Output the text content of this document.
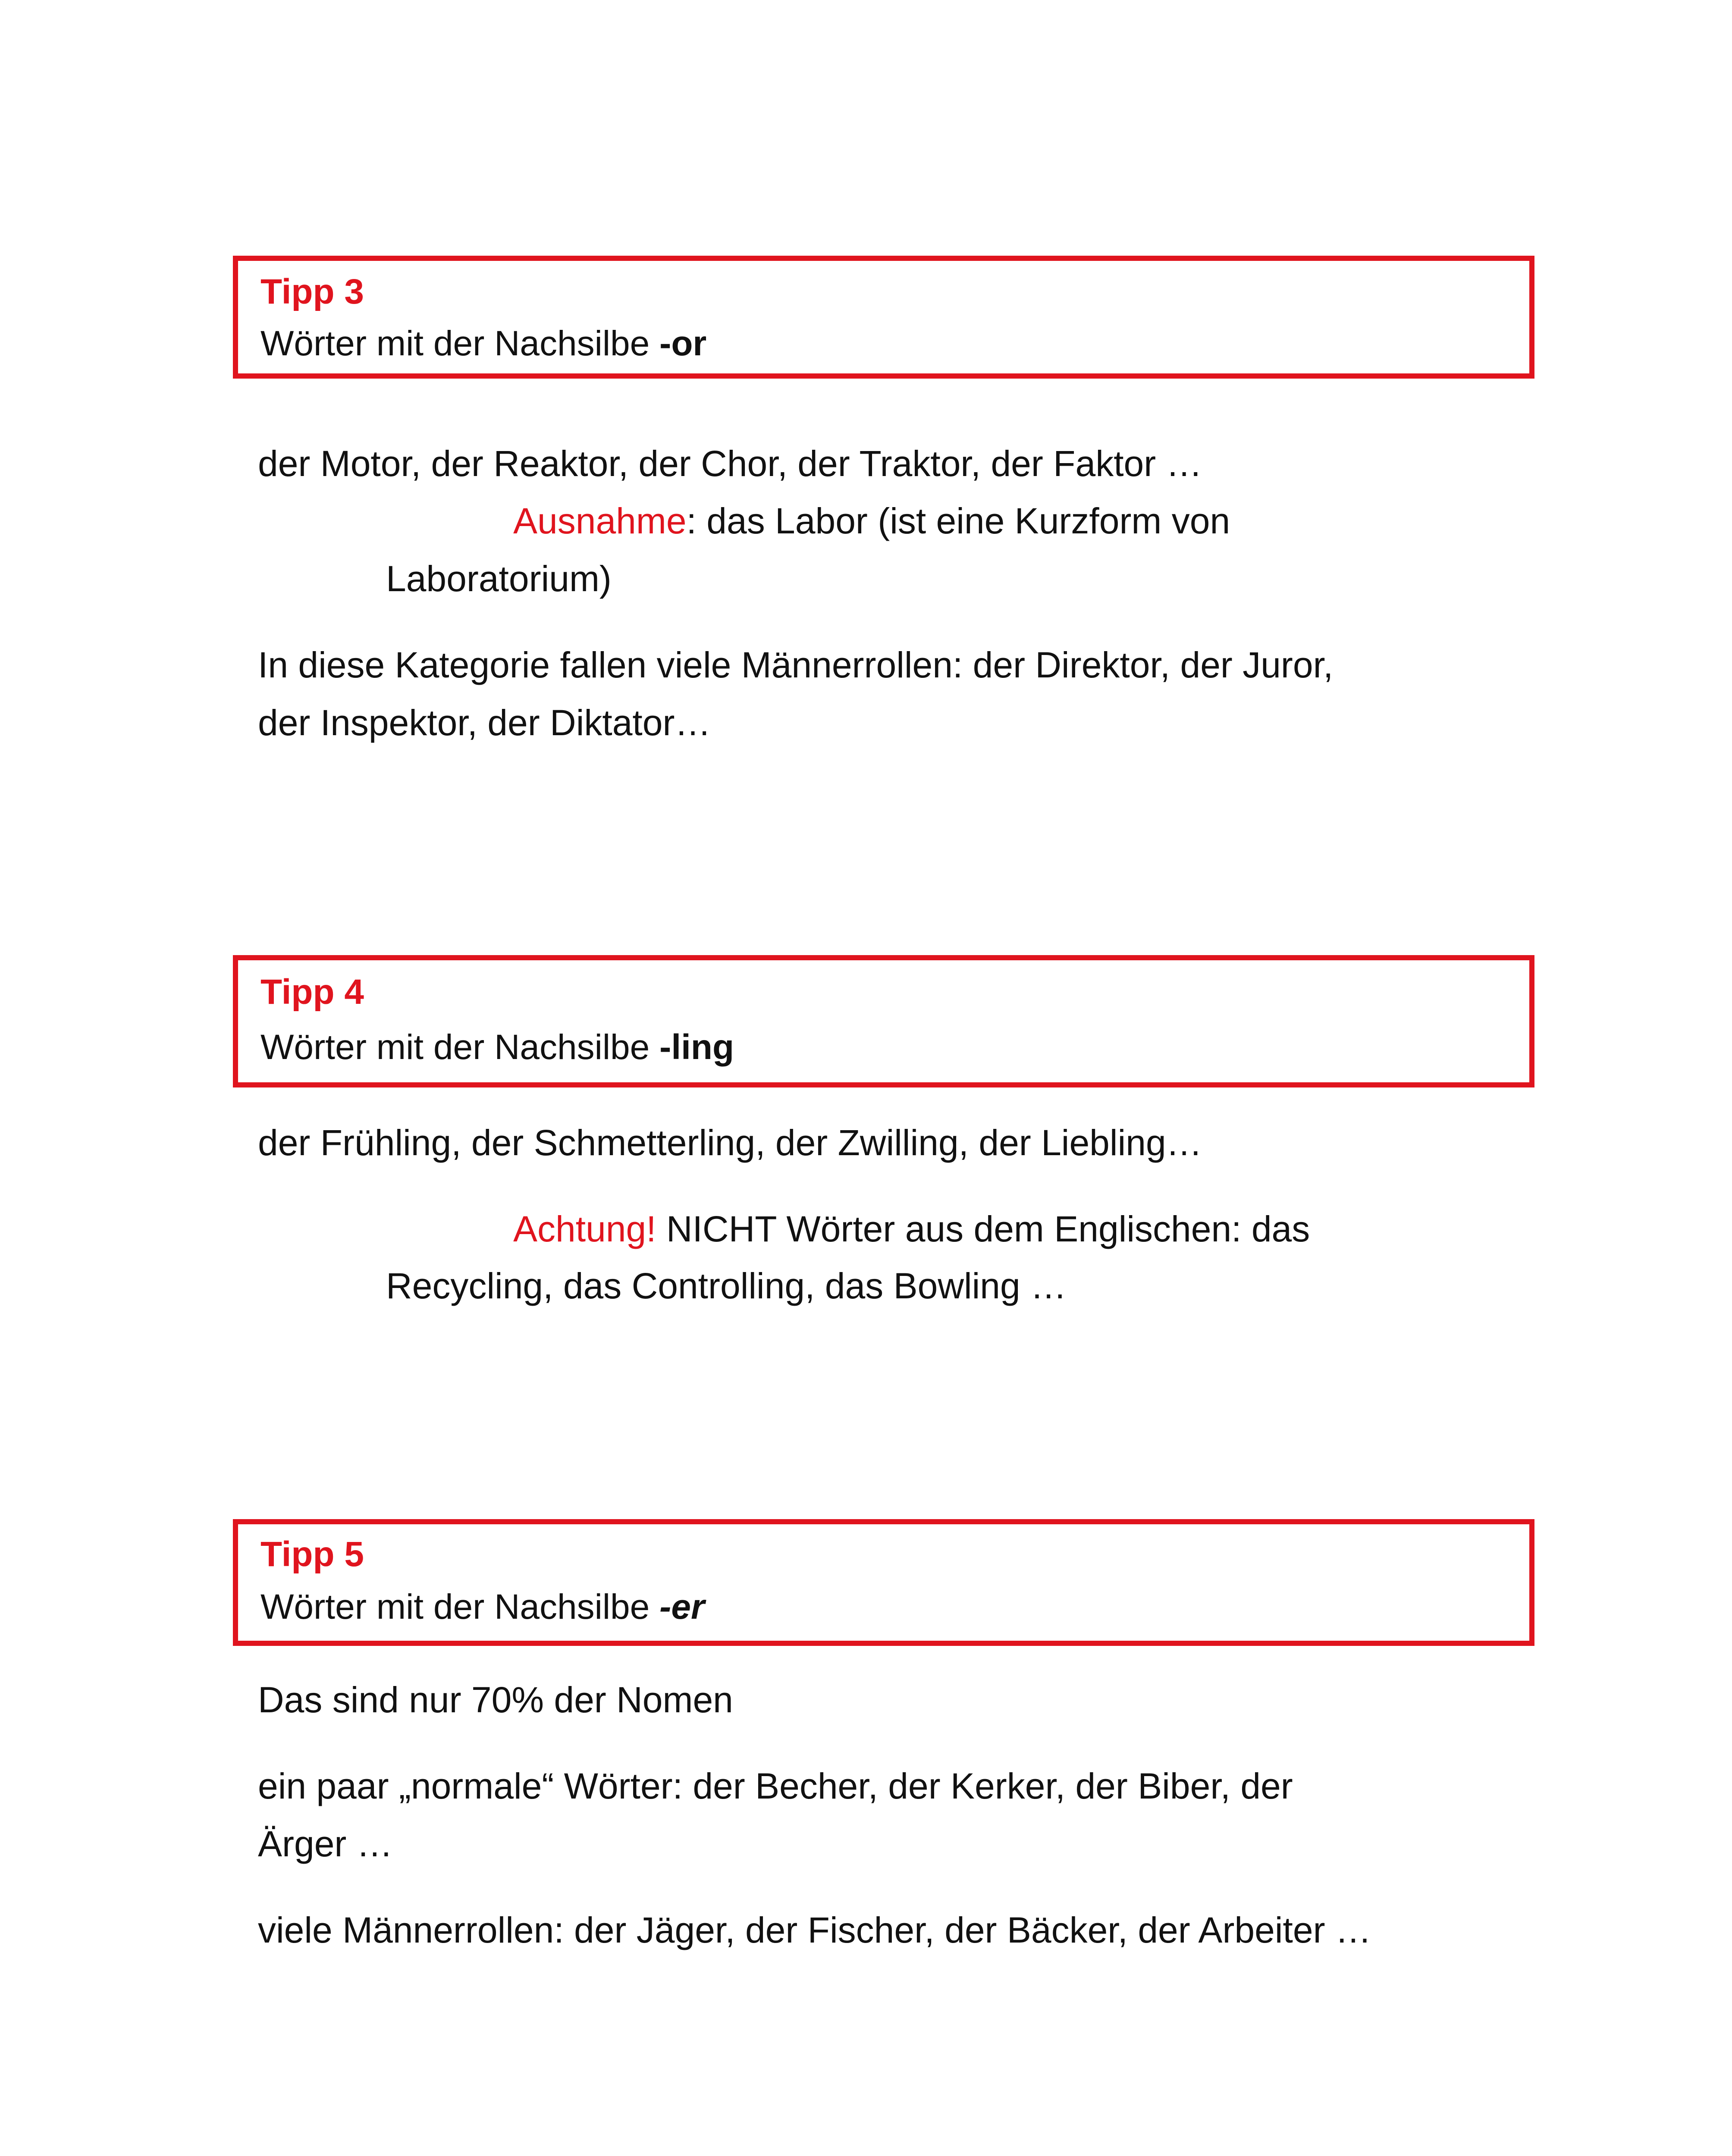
Tipp 3
Wörter mit der Nachsilbe -or
der Motor, der Reaktor, der Chor, der Traktor, der Faktor …
Ausnahme: das Labor (ist eine Kurzform von
Laboratorium)
In diese Kategorie fallen viele Männerrollen: der Direktor, der Juror,
der Inspektor, der Diktator…
Tipp 4
Wörter mit der Nachsilbe -ling
der Frühling, der Schmetterling, der Zwilling, der Liebling…
Achtung! NICHT Wörter aus dem Englischen: das
Recycling, das Controlling, das Bowling …
Tipp 5
Wörter mit der Nachsilbe -er
Das sind nur 70% der Nomen
ein paar „normale“ Wörter: der Becher, der Kerker, der Biber, der
Ärger …
viele Männerrollen: der Jäger, der Fischer, der Bäcker, der Arbeiter …
